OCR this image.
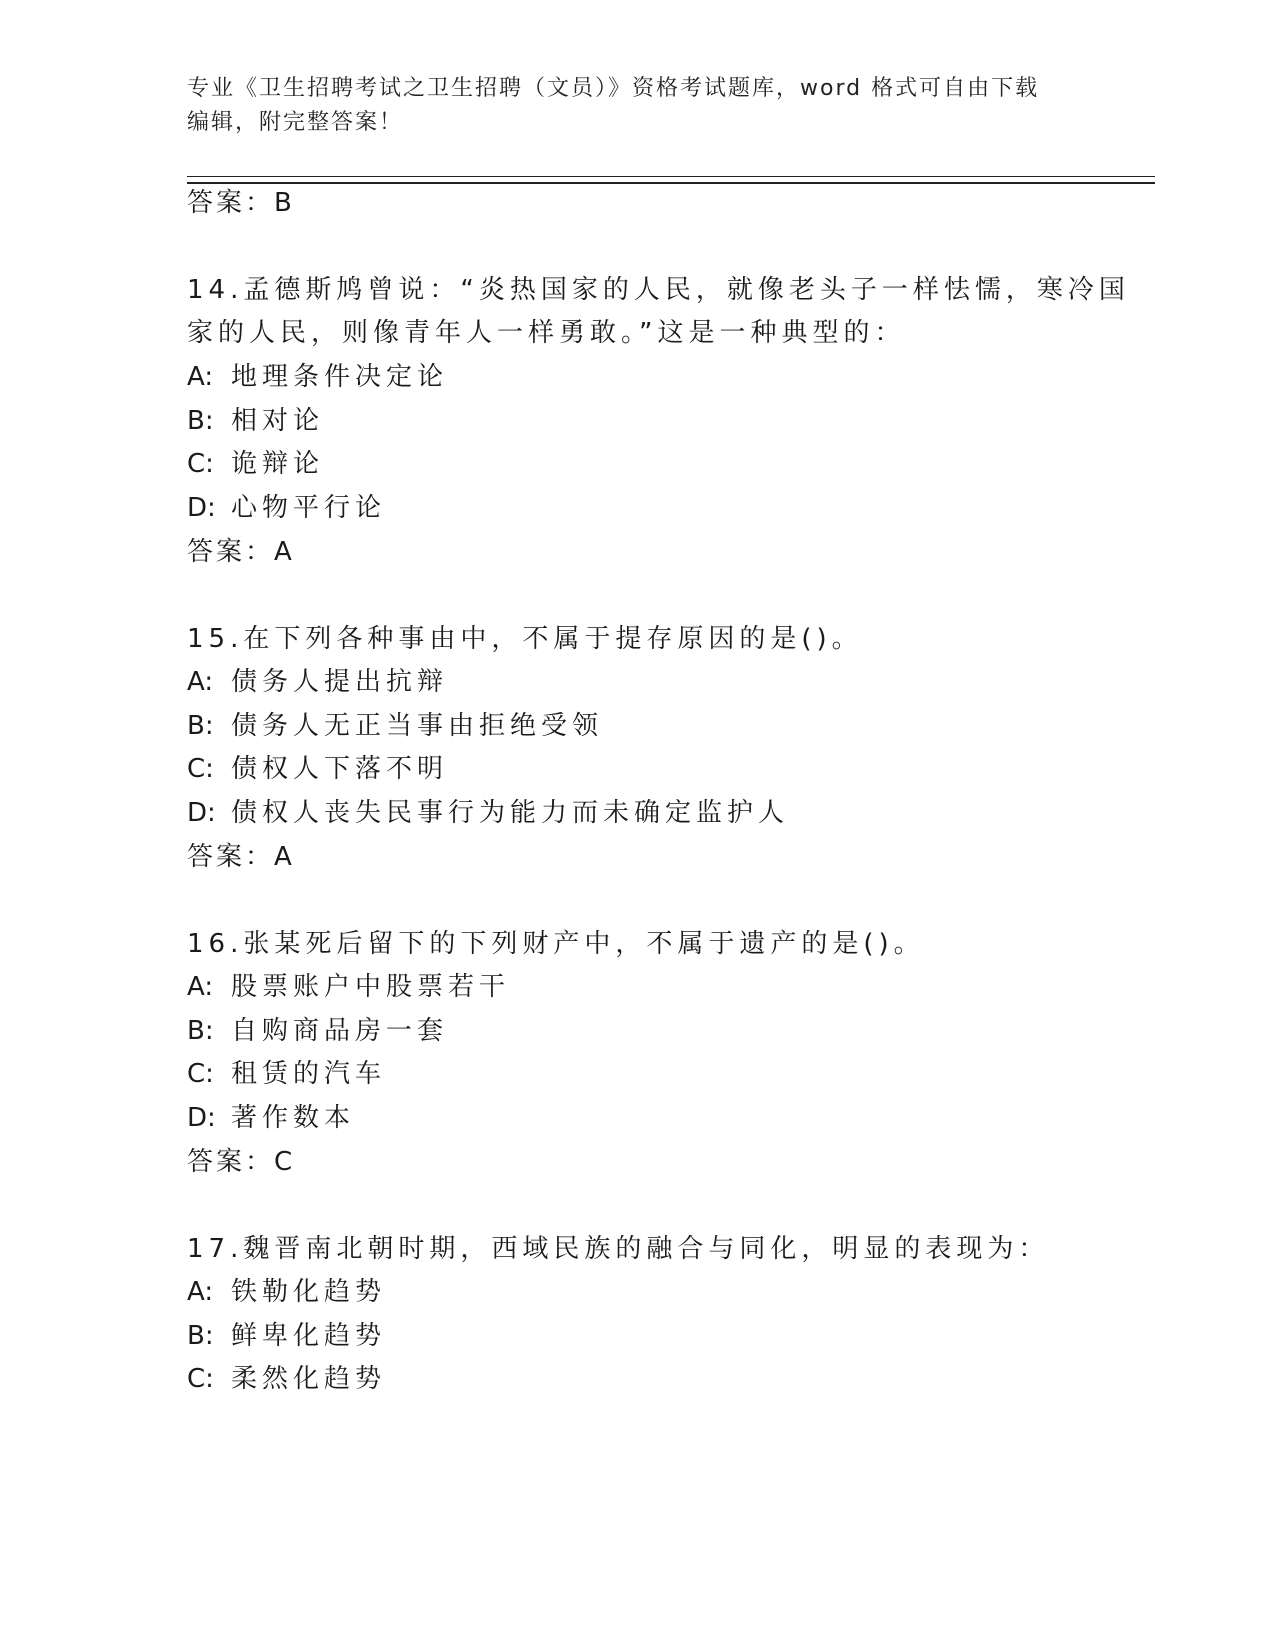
专业《卫生招聘考试之卫生招聘（文员）》资格考试题库，word 格式可自由下载
编辑，附完整答案！
答案：B
14.孟德斯鸠曾说：“炎热国家的人民，就像老头子一样怯懦，寒冷国
家的人民，则像青年人一样勇敢。”这是一种典型的：
A: 地理条件决定论
B: 相对论
C: 诡辩论
D: 心物平行论
答案：A
15.在下列各种事由中，不属于提存原因的是()。
A: 债务人提出抗辩
B: 债务人无正当事由拒绝受领
C: 债权人下落不明
D: 债权人丧失民事行为能力而未确定监护人
答案：A
16.张某死后留下的下列财产中，不属于遗产的是()。
A: 股票账户中股票若干
B: 自购商品房一套
C: 租赁的汽车
D: 著作数本
答案：C
17.魏晋南北朝时期，西域民族的融合与同化，明显的表现为：
A: 铁勒化趋势
B: 鲜卑化趋势
C: 柔然化趋势
